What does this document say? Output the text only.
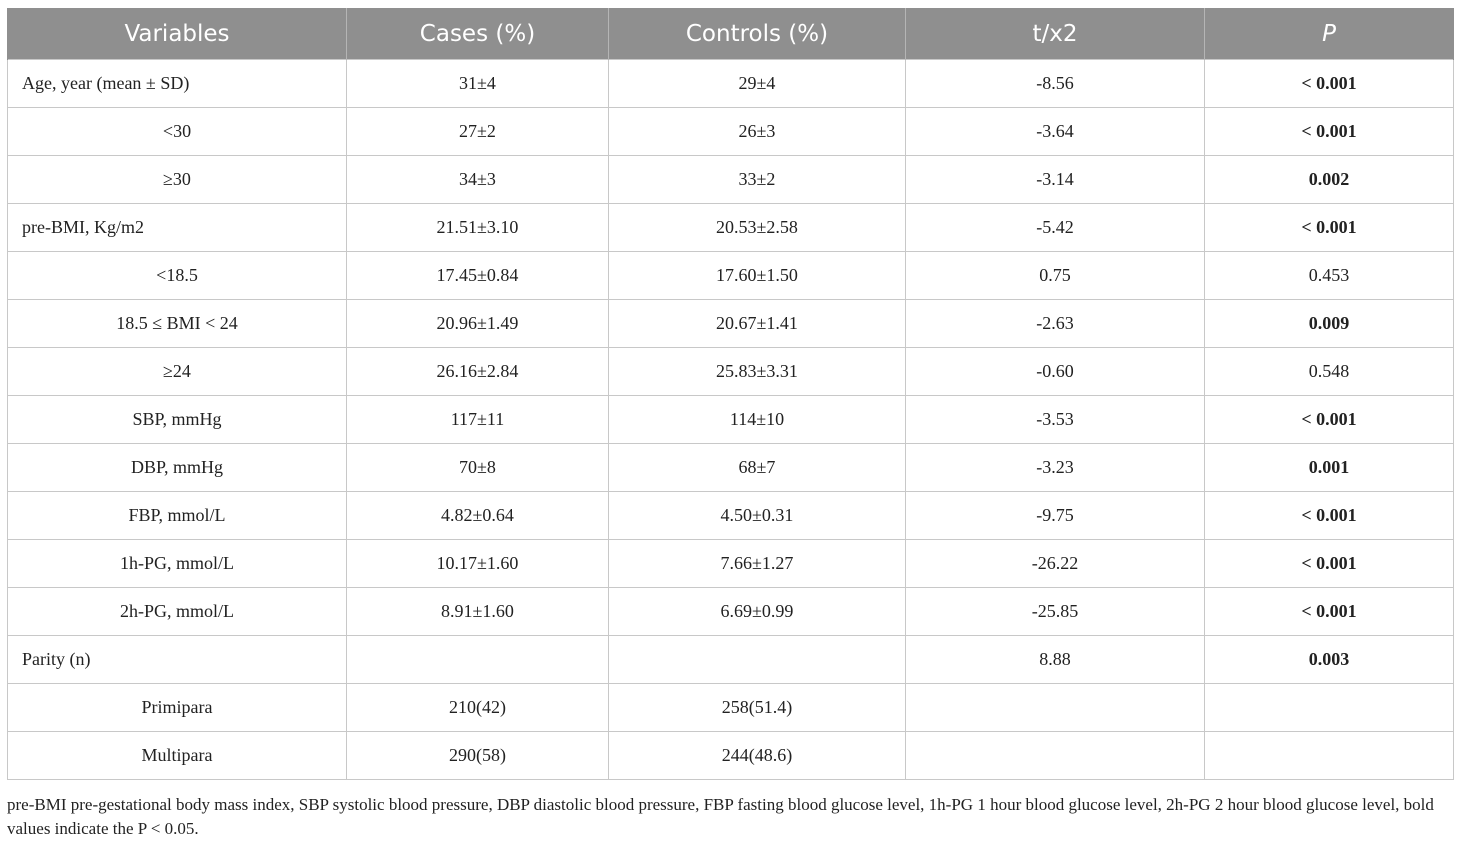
Variables	Cases (%)	Controls (%)	t/x2	P
Age, year (mean ± SD)	31±4	29±4	-8.56	< 0.001
<30	27±2	26±3	-3.64	< 0.001
≥30	34±3	33±2	-3.14	0.002
pre-BMI, Kg/m2	21.51±3.10	20.53±2.58	-5.42	< 0.001
<18.5	17.45±0.84	17.60±1.50	0.75	0.453
18.5 ≤ BMI < 24	20.96±1.49	20.67±1.41	-2.63	0.009
≥24	26.16±2.84	25.83±3.31	-0.60	0.548
SBP, mmHg	117±11	114±10	-3.53	< 0.001
DBP, mmHg	70±8	68±7	-3.23	0.001
FBP, mmol/L	4.82±0.64	4.50±0.31	-9.75	< 0.001
1h-PG, mmol/L	10.17±1.60	7.66±1.27	-26.22	< 0.001
2h-PG, mmol/L	8.91±1.60	6.69±0.99	-25.85	< 0.001
Parity (n)			8.88	0.003
Primipara	210(42)	258(51.4)		
Multipara	290(58)	244(48.6)		
pre-BMI pre-gestational body mass index, SBP systolic blood pressure, DBP diastolic blood pressure, FBP fasting blood glucose level, 1h-PG 1 hour blood glucose level, 2h-PG 2 hour blood glucose level, bold values indicate the P < 0.05.
